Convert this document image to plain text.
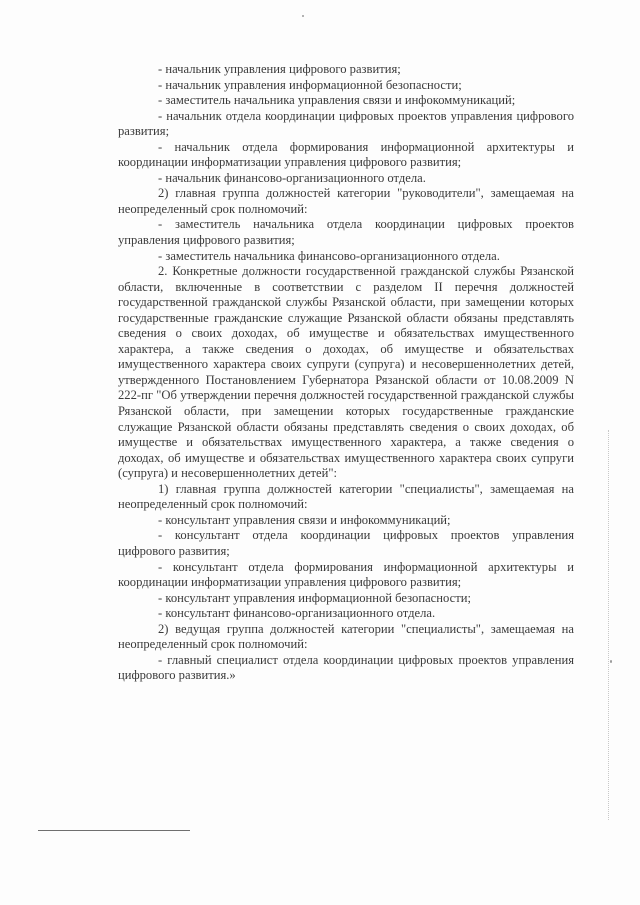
- начальник управления цифрового развития;

- начальник управления информационной безопасности;

- заместитель начальника управления связи и инфокоммуникаций;

- начальник отдела координации цифровых проектов управления цифрового развития;

- начальник отдела формирования информационной архитектуры и координации информатизации управления цифрового развития;

- начальник финансово-организационного отдела.

2) главная группа должностей категории "руководители", замещаемая на неопределенный срок полномочий:

- заместитель начальника отдела координации цифровых проектов управления цифрового развития;

- заместитель начальника финансово-организационного отдела.

2. Конкретные должности государственной гражданской службы Рязанской области, включенные в соответствии с разделом II перечня должностей государственной гражданской службы Рязанской области, при замещении которых государственные гражданские служащие Рязанской области обязаны представлять сведения о своих доходах, об имуществе и обязательствах имущественного характера, а также сведения о доходах, об имуществе и обязательствах имущественного характера своих супруги (супруга) и несовершеннолетних детей, утвержденного Постановлением Губернатора Рязанской области от 10.08.2009 N 222-пг "Об утверждении перечня должностей государственной гражданской службы Рязанской области, при замещении которых государственные гражданские служащие Рязанской области обязаны представлять сведения о своих доходах, об имуществе и обязательствах имущественного характера, а также сведения о доходах, об имуществе и обязательствах имущественного характера своих супруги (супруга) и несовершеннолетних детей":

1) главная группа должностей категории "специалисты", замещаемая на неопределенный срок полномочий:

- консультант управления связи и инфокоммуникаций;

- консультант отдела координации цифровых проектов управления цифрового развития;

- консультант отдела формирования информационной архитектуры и координации информатизации управления цифрового развития;

- консультант управления информационной безопасности;

- консультант финансово-организационного отдела.

2) ведущая группа должностей категории "специалисты", замещаемая на неопределенный срок полномочий:

- главный специалист отдела координации цифровых проектов управления цифрового развития.»
